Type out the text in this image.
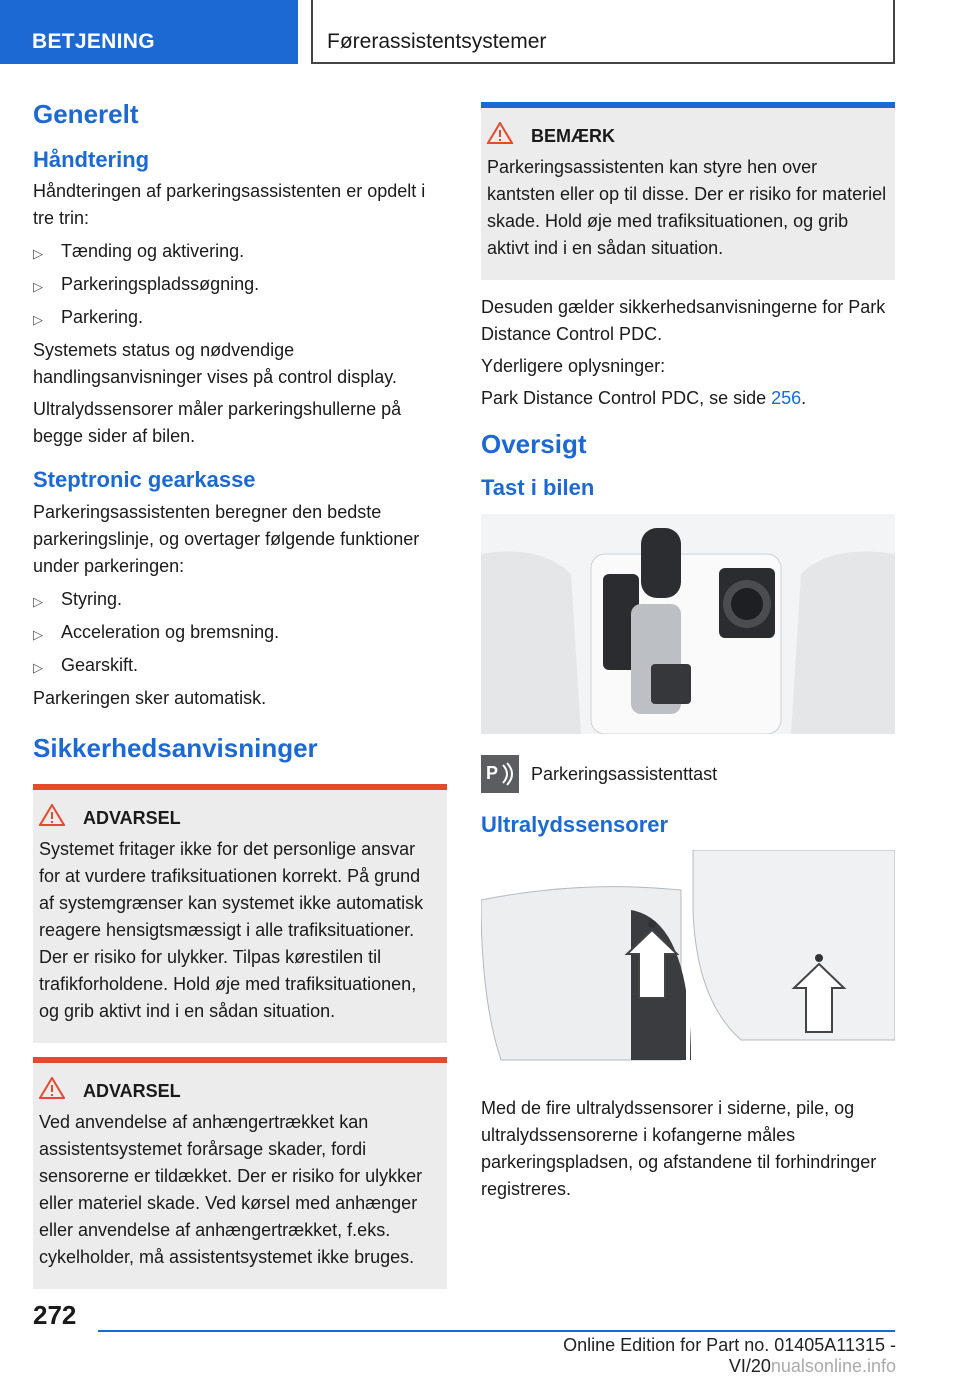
BETJENING	Førerassistentsystemer
Generelt
Håndtering

Håndteringen af parkeringsassistenten er opdelt i tre trin:

▷	Tænding og aktivering.
▷	Parkeringspladssøgning.
▷	Parkering.

Systemets status og nødvendige handlingsanvisninger vises på control display.

Ultralydssensorer måler parkeringshullerne på begge sider af bilen.

Steptronic gearkasse

Parkeringsassistenten beregner den bedste parkeringslinje, og overtager følgende funktioner under parkeringen:

▷	Styring.
▷	Acceleration og bremsning.
▷	Gearskift.

Parkeringen sker automatisk.

Sikkerhedsanvisninger
ADVARSEL

Systemet fritager ikke for det personlige ansvar for at vurdere trafiksituationen korrekt. På grund af systemgrænser kan systemet ikke automatisk reagere hensigtsmæssigt i alle trafiksituationer. Der er risiko for ulykker. Tilpas kørestilen til trafikforholdene. Hold øje med trafiksituationen, og grib aktivt ind i en sådan situation.

ADVARSEL

Ved anvendelse af anhængertrækket kan assistentsystemet forårsage skader, fordi sensorerne er tildækket. Der er risiko for ulykker eller materiel skade. Ved kørsel med anhænger eller anvendelse af anhængertrækket, f.eks. cykelholder, må assistentsystemet ikke bruges.

BEMÆRK

Parkeringsassistenten kan styre hen over kantsten eller op til disse. Der er risiko for materiel skade. Hold øje med trafiksituationen, og grib aktivt ind i en sådan situation.

Desuden gælder sikkerhedsanvisningerne for Park Distance Control PDC.

Yderligere oplysninger:

Park Distance Control PDC, se side 256.

Oversigt
Tast i bilen
P Parkeringsassistenttast
Ultralydssensorer

Med de fire ultralydssensorer i siderne, pile, og ultralydssensorerne i kofangerne måles parkeringspladsen, og afstandene til forhindringer registreres.

272
Online Edition for Part no. 01405A11315 - VI/20nualsonline.info
